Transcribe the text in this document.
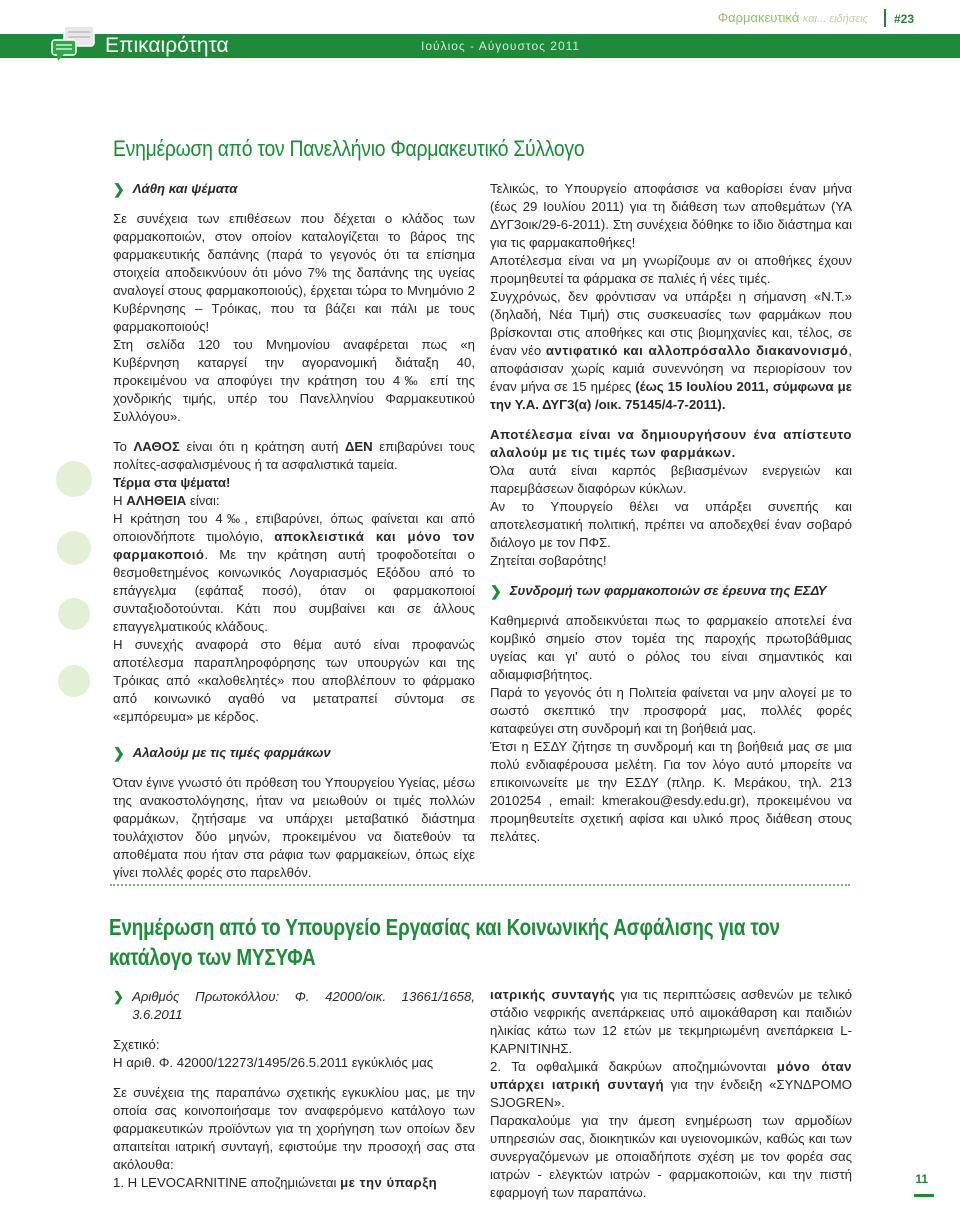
Φαρμακευτικά και... ειδήσεις #23
Επικαιρότητα	Ιούλιος - Αύγουστος 2011
Ενημέρωση από τον Πανελλήνιο Φαρμακευτικό Σύλλογο

❯ Λάθη και ψέματα

Σε συνέχεια των επιθέσεων που δέχεται ο κλάδος των φαρμακοποιών, στον οποίον καταλογίζεται το βάρος της φαρμακευτικής δαπάνης (παρά το γεγονός ότι τα επίσημα στοιχεία αποδεικνύουν ότι μόνο 7% της δαπάνης της υγείας αναλογεί στους φαρμακοποιούς), έρχεται τώρα το Μνημόνιο 2 Κυβέρνησης – Τρόικας, που τα βάζει και πάλι με τους φαρμακοποιούς!

Στη σελίδα 120 του Μνημονίου αναφέρεται πως «η Κυβέρνηση καταργεί την αγορανομική διάταξη 40, προκειμένου να αποφύγει την κράτηση του 4‰ επί της χονδρικής τιμής, υπέρ του Πανελληνίου Φαρμακευτικού Συλλόγου».

Το ΛΑΘΟΣ είναι ότι η κράτηση αυτή ΔΕΝ επιβαρύνει τους πολίτες-ασφαλισμένους ή τα ασφαλιστικά ταμεία.

Τέρμα στα ψέματα!

Η ΑΛΗΘΕΙΑ είναι:

Η κράτηση του 4‰, επιβαρύνει, όπως φαίνεται και από οποιονδήποτε τιμολόγιο, αποκλειστικά και μόνο τον φαρμακοποιό. Με την κράτηση αυτή τροφοδοτείται ο θεσμοθετημένος κοινωνικός Λογαριασμός Εξόδου από το επάγγελμα (εφάπαξ ποσό), όταν οι φαρμακοποιοί συνταξιοδοτούνται. Κάτι που συμβαίνει και σε άλλους επαγγελματικούς κλάδους.

Η συνεχής αναφορά στο θέμα αυτό είναι προφανώς αποτέλεσμα παραπληροφόρησης των υπουργών και της Τρόικας από «καλοθελητές» που αποβλέπουν το φάρμακο από κοινωνικό αγαθό να μετατραπεί σύντομα σε «εμπόρευμα» με κέρδος.

❯ Αλαλούμ με τις τιμές φαρμάκων

Όταν έγινε γνωστό ότι πρόθεση του Υπουργείου Υγείας, μέσω της ανακοστολόγησης, ήταν να μειωθούν οι τιμές πολλών φαρμάκων, ζητήσαμε να υπάρχει μεταβατικό διάστημα τουλάχιστον δύο μηνών, προκειμένου να διατεθούν τα αποθέματα που ήταν στα ράφια των φαρμακείων, όπως είχε γίνει πολλές φορές στο παρελθόν.

Τελικώς, το Υπουργείο αποφάσισε να καθορίσει έναν μήνα (έως 29 Ιουλίου 2011) για τη διάθεση των αποθεμάτων (ΥΑ ΔΥΓ3οικ/29-6-2011). Στη συνέχεια δόθηκε το ίδιο διάστημα και για τις φαρμακαποθήκες!

Αποτέλεσμα είναι να μη γνωρίζουμε αν οι αποθήκες έχουν προμηθευτεί τα φάρμακα σε παλιές ή νέες τιμές.

Συγχρόνως, δεν φρόντισαν να υπάρξει η σήμανση «Ν.Τ.» (δηλαδή, Νέα Τιμή) στις συσκευασίες των φαρμάκων που βρίσκονται στις αποθήκες και στις βιομηχανίες και, τέλος, σε έναν νέο αντιφατικό και αλλοπρόσαλλο διακανονισμό, αποφάσισαν χωρίς καμιά συνεννόηση να περιορίσουν τον έναν μήνα σε 15 ημέρες (έως 15 Ιουλίου 2011, σύμφωνα με την Υ.Α. ΔΥΓ3(α) /οικ. 75145/4-7-2011).

Αποτέλεσμα είναι να δημιουργήσουν ένα απίστευτο αλαλούμ με τις τιμές των φαρμάκων.

Όλα αυτά είναι καρπός βεβιασμένων ενεργειών και παρεμβάσεων διαφόρων κύκλων.

Αν το Υπουργείο θέλει να υπάρξει συνεπής και αποτελεσματική πολιτική, πρέπει να αποδεχθεί έναν σοβαρό διάλογο με τον ΠΦΣ.

Ζητείται σοβαρότης!

❯ Συνδρομή των φαρμακοποιών σε έρευνα της ΕΣΔΥ

Καθημερινά αποδεικνύεται πως το φαρμακείο αποτελεί ένα κομβικό σημείο στον τομέα της παροχής πρωτοβάθμιας υγείας και γι' αυτό ο ρόλος του είναι σημαντικός και αδιαμφισβήτητος.

Παρά το γεγονός ότι η Πολιτεία φαίνεται να μην αλογεί με το σωστό σκεπτικό την προσφορά μας, πολλές φορές καταφεύγει στη συνδρομή και τη βοήθειά μας.

Έτσι η ΕΣΔΥ ζήτησε τη συνδρομή και τη βοήθειά μας σε μια πολύ ενδιαφέρουσα μελέτη. Για τον λόγο αυτό μπορείτε να επικοινωνείτε με την ΕΣΔΥ (πληρ. Κ. Μεράκου, τηλ. 213 2010254 , email: kmerakou@esdy.edu.gr), προκειμένου να προμηθευτείτε σχετική αφίσα και υλικό προς διάθεση στους πελάτες.

Ενημέρωση από το Υπουργείο Εργασίας και Κοινωνικής Ασφάλισης για τον κατάλογο των ΜΥΣΥΦΑ

❯ Αριθμός Πρωτοκόλλου: Φ. 42000/οικ. 13661/1658, 3.6.2011

Σχετικό:

Η αριθ. Φ. 42000/12273/1495/26.5.2011 εγκύκλιός μας

Σε συνέχεια της παραπάνω σχετικής εγκυκλίου μας, με την οποία σας κοινοποιήσαμε τον αναφερόμενο κατάλογο των φαρμακευτικών προϊόντων για τη χορήγηση των οποίων δεν απαιτείται ιατρική συνταγή, εφιστούμε την προσοχή σας στα ακόλουθα:

1. Η LEVOCARNITINE αποζημιώνεται με την ύπαρξη

ιατρικής συνταγής για τις περιπτώσεις ασθενών με τελικό στάδιο νεφρικής ανεπάρκειας υπό αιμοκάθαρση και παιδιών ηλικίας κάτω των 12 ετών με τεκμηριωμένη ανεπάρκεια L-ΚΑΡΝΙΤΙΝΗΣ.

2. Τα οφθαλμικά δακρύων αποζημιώνονται μόνο όταν υπάρχει ιατρική συνταγή για την ένδειξη «ΣΥΝΔΡΟΜΟ SJOGREN».

Παρακαλούμε για την άμεση ενημέρωση των αρμοδίων υπηρεσιών σας, διοικητικών και υγειονομικών, καθώς και των συνεργαζόμενων με οποιαδήποτε σχέση με τον φορέα σας ιατρών - ελεγκτών ιατρών - φαρμακοποιών, και την πιστή εφαρμογή των παραπάνω.

11
